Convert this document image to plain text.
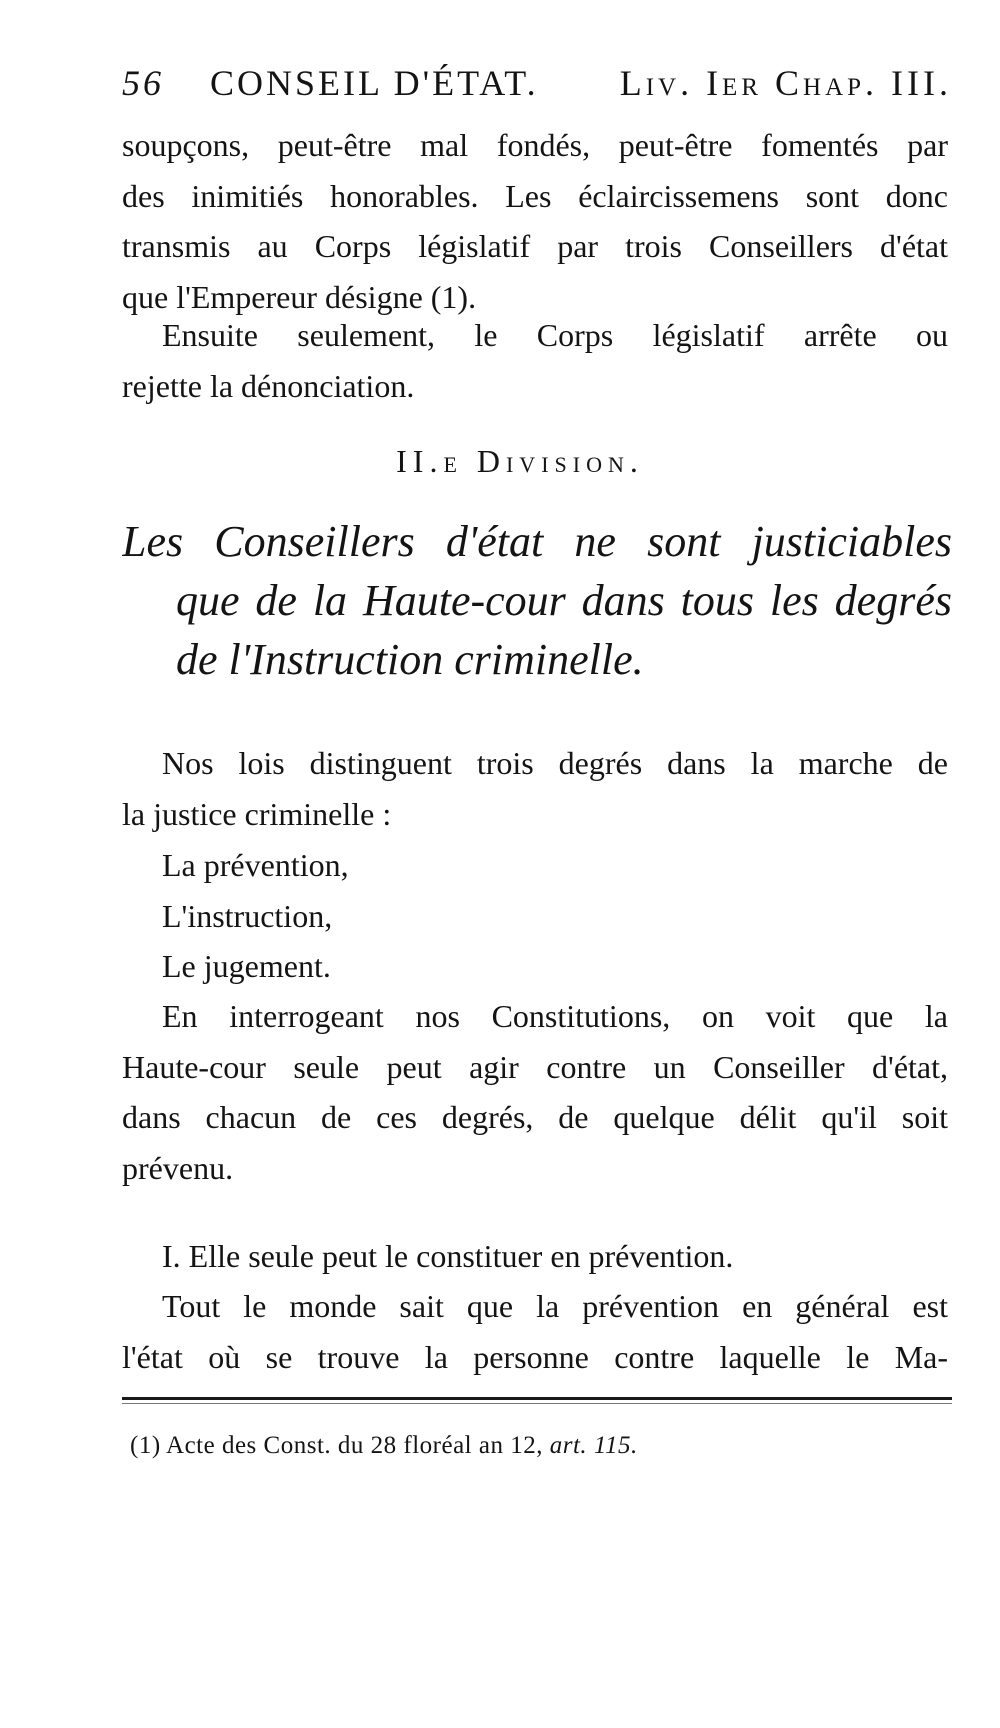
56 CONSEIL D'ÉTAT. Liv. Ier Chap. III.
soupçons, peut-être mal fondés, peut-être fomentés par
des inimitiés honorables. Les éclaircissemens sont donc
transmis au Corps législatif par trois Conseillers d'état
que l'Empereur désigne (1).
Ensuite seulement, le Corps législatif arrête ou
rejette la dénonciation.
II.e Division.
Les Conseillers d'état ne sont justiciables
que de la Haute-cour dans tous les degrés
de l'Instruction criminelle.
Nos lois distinguent trois degrés dans la marche de
la justice criminelle :
La prévention,
L'instruction,
Le jugement.
En interrogeant nos Constitutions, on voit que la
Haute-cour seule peut agir contre un Conseiller d'état,
dans chacun de ces degrés, de quelque délit qu'il soit
prévenu.
I. Elle seule peut le constituer en prévention.
Tout le monde sait que la prévention en général est
l'état où se trouve la personne contre laquelle le Ma-
(1) Acte des Const. du 28 floréal an 12, art. 115.
